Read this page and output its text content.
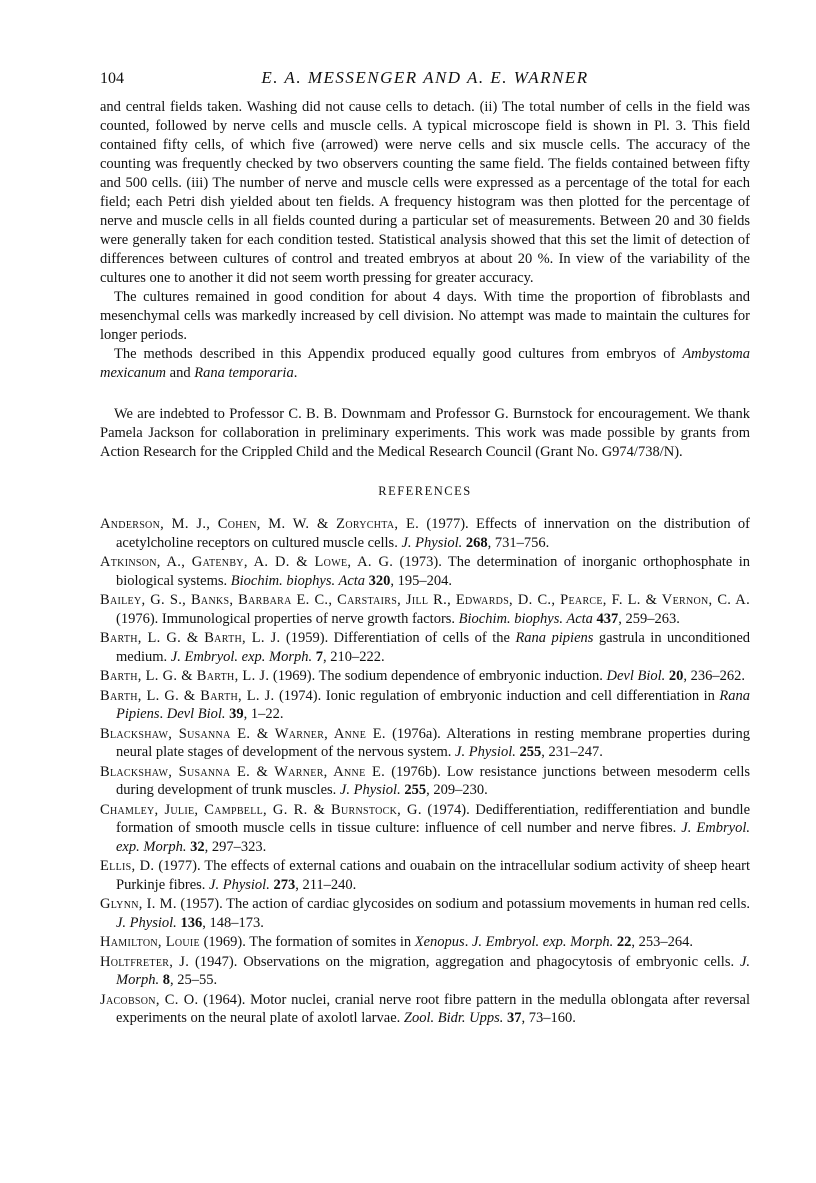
104	E. A. MESSENGER AND A. E. WARNER

and central fields taken. Washing did not cause cells to detach. (ii) The total number of cells in the field was counted, followed by nerve cells and muscle cells. A typical microscope field is shown in Pl. 3. This field contained fifty cells, of which five (arrowed) were nerve cells and six muscle cells. The accuracy of the counting was frequently checked by two observers counting the same field. The fields contained between fifty and 500 cells. (iii) The number of nerve and muscle cells were expressed as a percentage of the total for each field; each Petri dish yielded about ten fields. A frequency histogram was then plotted for the percentage of nerve and muscle cells in all fields counted during a particular set of measurements. Between 20 and 30 fields were generally taken for each condition tested. Statistical analysis showed that this set the limit of detection of differences between cultures of control and treated embryos at about 20 %. In view of the variability of the cultures one to another it did not seem worth pressing for greater accuracy.

The cultures remained in good condition for about 4 days. With time the proportion of fibroblasts and mesenchymal cells was markedly increased by cell division. No attempt was made to maintain the cultures for longer periods.

The methods described in this Appendix produced equally good cultures from embryos of Ambystoma mexicanum and Rana temporaria.

We are indebted to Professor C. B. B. Downmam and Professor G. Burnstock for encouragement. We thank Pamela Jackson for collaboration in preliminary experiments. This work was made possible by grants from Action Research for the Crippled Child and the Medical Research Council (Grant No. G974/738/N).

REFERENCES
Anderson, M. J., Cohen, M. W. & Zorychta, E. (1977). Effects of innervation on the distribution of acetylcholine receptors on cultured muscle cells. J. Physiol. 268, 731–756.
Atkinson, A., Gatenby, A. D. & Lowe, A. G. (1973). The determination of inorganic orthophosphate in biological systems. Biochim. biophys. Acta 320, 195–204.
Bailey, G. S., Banks, Barbara E. C., Carstairs, Jill R., Edwards, D. C., Pearce, F. L. & Vernon, C. A. (1976). Immunological properties of nerve growth factors. Biochim. biophys. Acta 437, 259–263.
Barth, L. G. & Barth, L. J. (1959). Differentiation of cells of the Rana pipiens gastrula in unconditioned medium. J. Embryol. exp. Morph. 7, 210–222.
Barth, L. G. & Barth, L. J. (1969). The sodium dependence of embryonic induction. Devl Biol. 20, 236–262.
Barth, L. G. & Barth, L. J. (1974). Ionic regulation of embryonic induction and cell differentiation in Rana Pipiens. Devl Biol. 39, 1–22.
Blackshaw, Susanna E. & Warner, Anne E. (1976a). Alterations in resting membrane properties during neural plate stages of development of the nervous system. J. Physiol. 255, 231–247.
Blackshaw, Susanna E. & Warner, Anne E. (1976b). Low resistance junctions between mesoderm cells during development of trunk muscles. J. Physiol. 255, 209–230.
Chamley, Julie, Campbell, G. R. & Burnstock, G. (1974). Dedifferentiation, redifferentiation and bundle formation of smooth muscle cells in tissue culture: influence of cell number and nerve fibres. J. Embryol. exp. Morph. 32, 297–323.
Ellis, D. (1977). The effects of external cations and ouabain on the intracellular sodium activity of sheep heart Purkinje fibres. J. Physiol. 273, 211–240.
Glynn, I. M. (1957). The action of cardiac glycosides on sodium and potassium movements in human red cells. J. Physiol. 136, 148–173.
Hamilton, Louie (1969). The formation of somites in Xenopus. J. Embryol. exp. Morph. 22, 253–264.
Holtfreter, J. (1947). Observations on the migration, aggregation and phagocytosis of embryonic cells. J. Morph. 8, 25–55.
Jacobson, C. O. (1964). Motor nuclei, cranial nerve root fibre pattern in the medulla oblongata after reversal experiments on the neural plate of axolotl larvae. Zool. Bidr. Upps. 37, 73–160.
